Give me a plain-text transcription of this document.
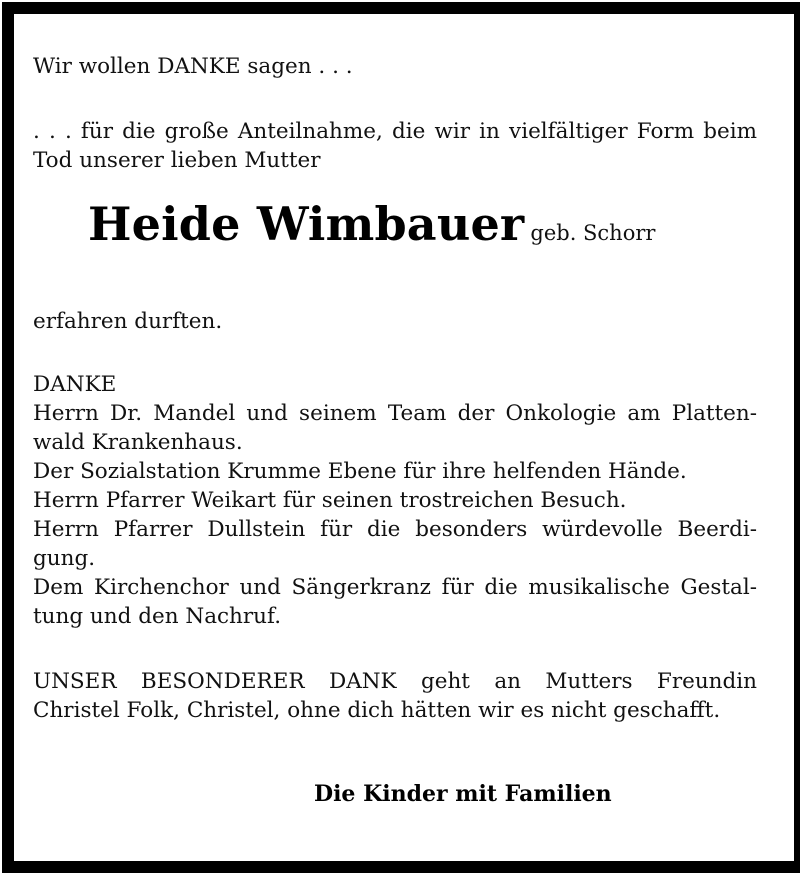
Wir wollen DANKE sagen . . .
. . . für die große Anteilnahme, die wir in vielfältiger Form beim
Tod unserer lieben Mutter
erfahren durften.
DANKE
Herrn Dr. Mandel und seinem Team der Onkologie am Platten-
wald Krankenhaus.
Der Sozialstation Krumme Ebene für ihre helfenden Hände.
Herrn Pfarrer Weikart für seinen trostreichen Besuch.
Herrn Pfarrer Dullstein für die besonders würdevolle Beerdi-
gung.
Dem Kirchenchor und Sängerkranz für die musikalische Gestal-
tung und den Nachruf.
UNSER BESONDERER DANK geht an Mutters Freundin
Christel Folk, Christel, ohne dich hätten wir es nicht geschafft.
Heide Wimbauer geb. Schorr
Die Kinder mit Familien
